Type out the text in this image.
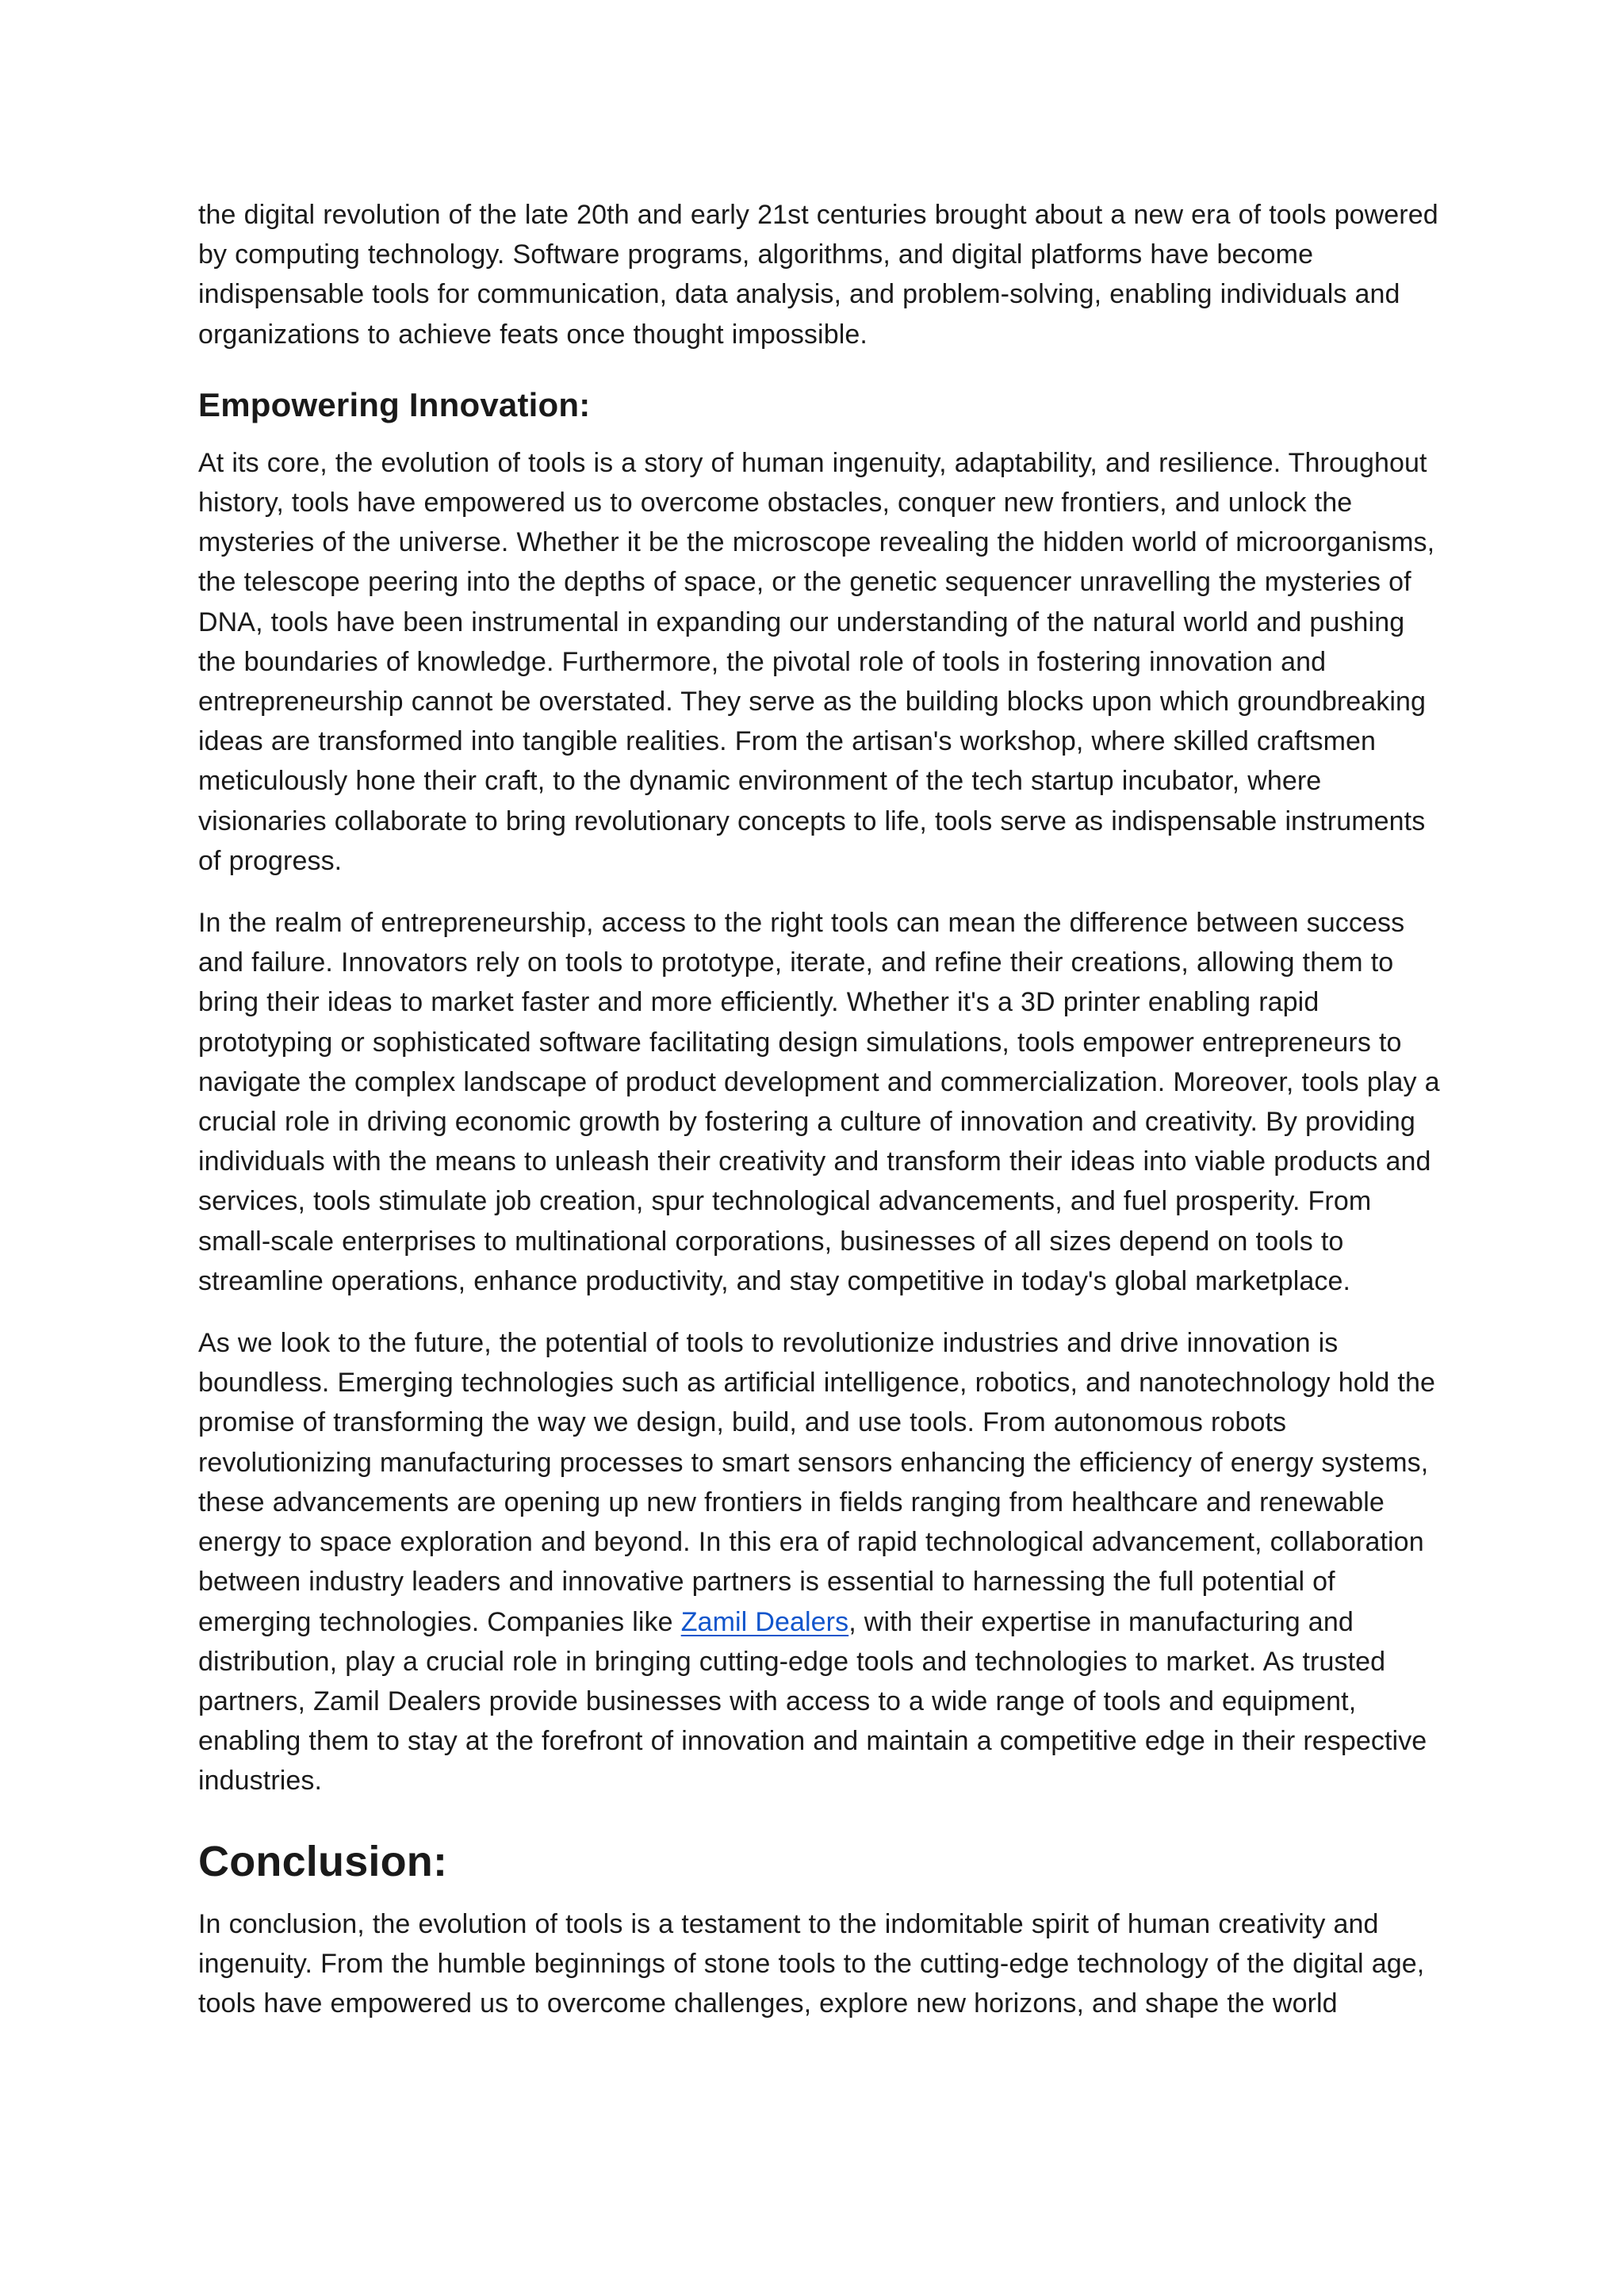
the digital revolution of the late 20th and early 21st centuries brought about a new era of tools powered by computing technology. Software programs, algorithms, and digital platforms have become indispensable tools for communication, data analysis, and problem-solving, enabling individuals and organizations to achieve feats once thought impossible.

Empowering Innovation:

At its core, the evolution of tools is a story of human ingenuity, adaptability, and resilience. Throughout history, tools have empowered us to overcome obstacles, conquer new frontiers, and unlock the mysteries of the universe. Whether it be the microscope revealing the hidden world of microorganisms, the telescope peering into the depths of space, or the genetic sequencer unravelling the mysteries of DNA, tools have been instrumental in expanding our understanding of the natural world and pushing the boundaries of knowledge. Furthermore, the pivotal role of tools in fostering innovation and entrepreneurship cannot be overstated. They serve as the building blocks upon which groundbreaking ideas are transformed into tangible realities. From the artisan's workshop, where skilled craftsmen meticulously hone their craft, to the dynamic environment of the tech startup incubator, where visionaries collaborate to bring revolutionary concepts to life, tools serve as indispensable instruments of progress.

In the realm of entrepreneurship, access to the right tools can mean the difference between success and failure. Innovators rely on tools to prototype, iterate, and refine their creations, allowing them to bring their ideas to market faster and more efficiently. Whether it's a 3D printer enabling rapid prototyping or sophisticated software facilitating design simulations, tools empower entrepreneurs to navigate the complex landscape of product development and commercialization. Moreover, tools play a crucial role in driving economic growth by fostering a culture of innovation and creativity. By providing individuals with the means to unleash their creativity and transform their ideas into viable products and services, tools stimulate job creation, spur technological advancements, and fuel prosperity. From small-scale enterprises to multinational corporations, businesses of all sizes depend on tools to streamline operations, enhance productivity, and stay competitive in today's global marketplace.

As we look to the future, the potential of tools to revolutionize industries and drive innovation is boundless. Emerging technologies such as artificial intelligence, robotics, and nanotechnology hold the promise of transforming the way we design, build, and use tools. From autonomous robots revolutionizing manufacturing processes to smart sensors enhancing the efficiency of energy systems, these advancements are opening up new frontiers in fields ranging from healthcare and renewable energy to space exploration and beyond. In this era of rapid technological advancement, collaboration between industry leaders and innovative partners is essential to harnessing the full potential of emerging technologies. Companies like Zamil Dealers, with their expertise in manufacturing and distribution, play a crucial role in bringing cutting-edge tools and technologies to market. As trusted partners, Zamil Dealers provide businesses with access to a wide range of tools and equipment, enabling them to stay at the forefront of innovation and maintain a competitive edge in their respective industries.

Conclusion:

In conclusion, the evolution of tools is a testament to the indomitable spirit of human creativity and ingenuity. From the humble beginnings of stone tools to the cutting-edge technology of the digital age, tools have empowered us to overcome challenges, explore new horizons, and shape the world
